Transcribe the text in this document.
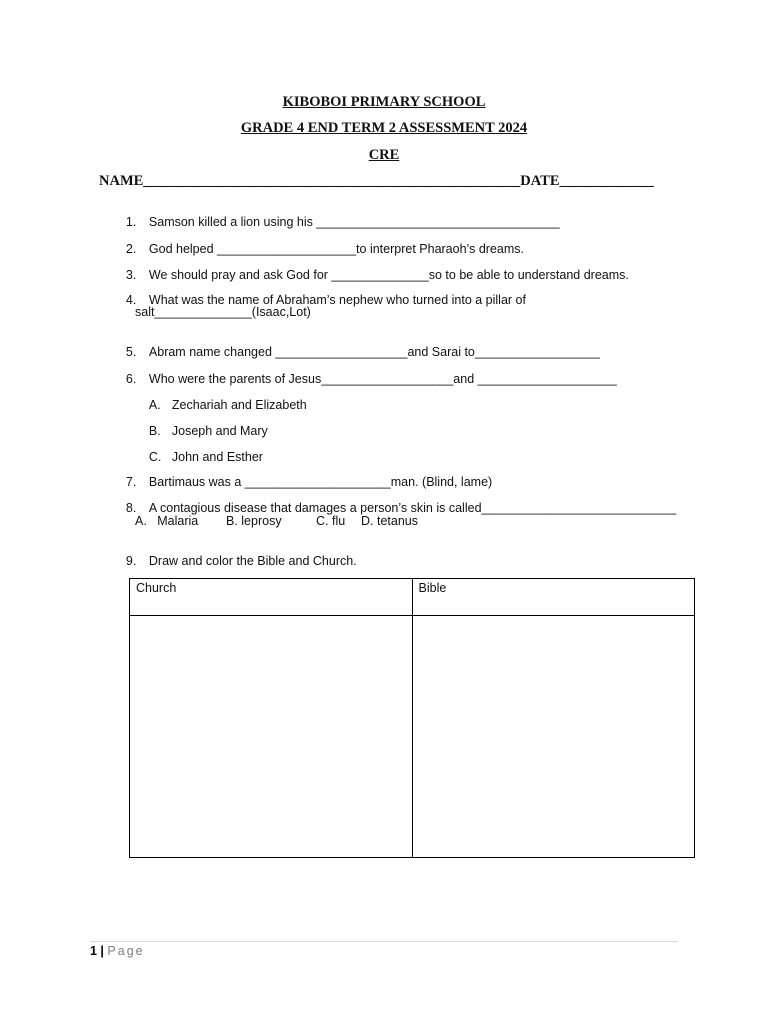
KIBOBOI PRIMARY SCHOOL
GRADE 4 END TERM 2 ASSESSMENT 2024
CRE
NAME____________________________________________________DATE_____________

1. Samson killed a lion using his ___________________________________

2. God helped ____________________to interpret Pharaoh’s dreams.

3. We should pray and ask God for ______________so to be able to understand dreams.

4. What was the name of Abraham’s nephew who turned into a pillar of

salt______________(Isaac,Lot)

5. Abram name changed ___________________and Sarai to__________________

6. Who were the parents of Jesus___________________and ____________________

A. Zechariah and Elizabeth

B. Joseph and Mary

C. John and Esther

7. Bartimaus was a _____________________man. (Blind, lame)

8. A contagious disease that damages a person’s skin is called____________________________

A.   Malaria B. leprosy	C. flu D. tetanus

9. Draw and color the Bible and Church.

Church	Bible

1 | Page
